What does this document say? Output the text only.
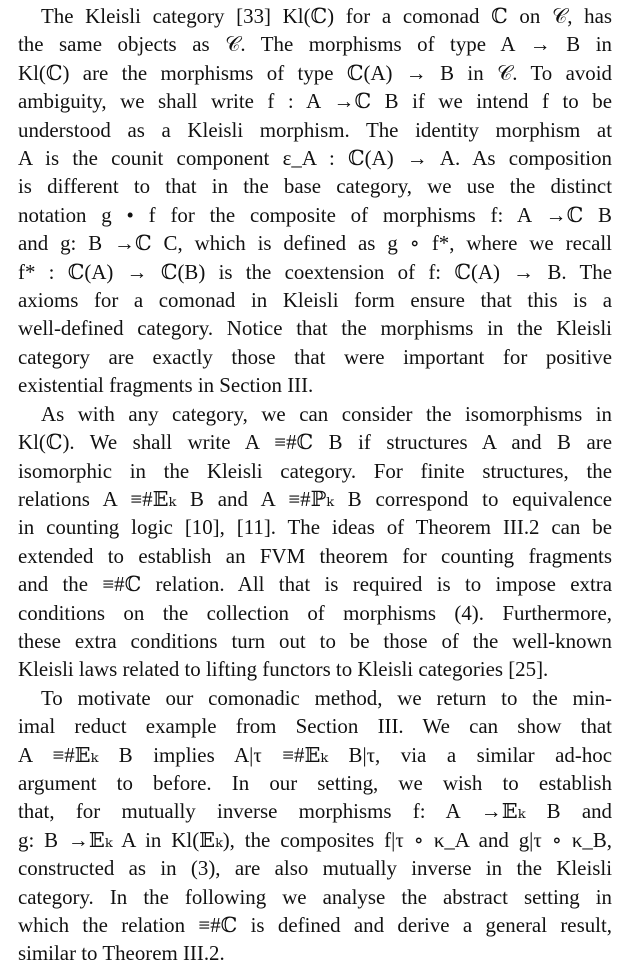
The Kleisli category [33] Kl(ℂ) for a comonad ℂ on 𝒞, has
the same objects as 𝒞. The morphisms of type A → B in
Kl(ℂ) are the morphisms of type ℂ(A) → B in 𝒞. To avoid
ambiguity, we shall write f : A →ℂ B if we intend f to be
understood as a Kleisli morphism. The identity morphism at
A is the counit component ε_A : ℂ(A) → A. As composition
is different to that in the base category, we use the distinct
notation g • f for the composite of morphisms f: A →ℂ B
and g: B →ℂ C, which is defined as g ∘ f*, where we recall
f* : ℂ(A) → ℂ(B) is the coextension of f: ℂ(A) → B. The
axioms for a comonad in Kleisli form ensure that this is a
well-defined category. Notice that the morphisms in the Kleisli
category are exactly those that were important for positive
existential fragments in Section III.
As with any category, we can consider the isomorphisms in
Kl(ℂ). We shall write A ≡#ℂ B if structures A and B are
isomorphic in the Kleisli category. For finite structures, the
relations A ≡#𝔼ₖ B and A ≡#ℙₖ B correspond to equivalence
in counting logic [10], [11]. The ideas of Theorem III.2 can be
extended to establish an FVM theorem for counting fragments
and the ≡#ℂ relation. All that is required is to impose extra
conditions on the collection of morphisms (4). Furthermore,
these extra conditions turn out to be those of the well-known
Kleisli laws related to lifting functors to Kleisli categories [25].
To motivate our comonadic method, we return to the min-
imal reduct example from Section III. We can show that
A ≡#𝔼ₖ B implies A|τ ≡#𝔼ₖ B|τ, via a similar ad-hoc
argument to before. In our setting, we wish to establish
that, for mutually inverse morphisms f: A →𝔼ₖ B and
g: B →𝔼ₖ A in Kl(𝔼ₖ), the composites f|τ ∘ κ_A and g|τ ∘ κ_B,
constructed as in (3), are also mutually inverse in the Kleisli
category. In the following we analyse the abstract setting in
which the relation ≡#ℂ is defined and derive a general result,
similar to Theorem III.2.
